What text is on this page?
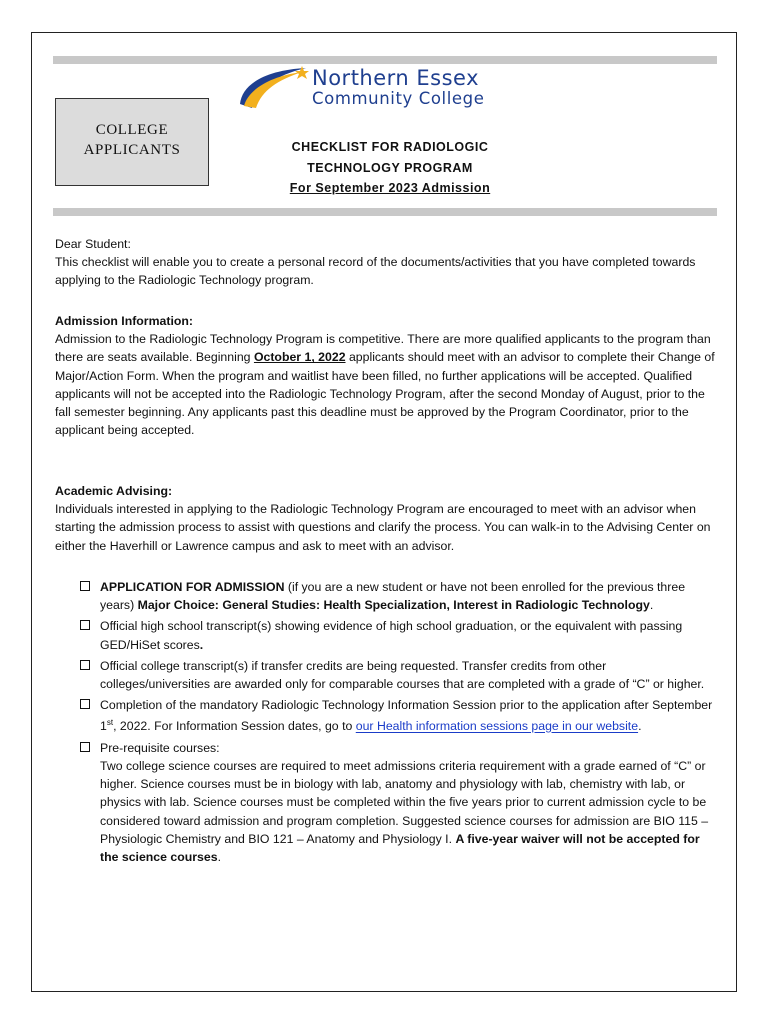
Northern Essex
Community College
COLLEGE
APPLICANTS	CHECKLIST FOR RADIOLOGIC
TECHNOLOGY PROGRAM
For September 2023 Admission

Dear Student:

This checklist will enable you to create a personal record of the documents/activities that you have completed towards applying to the Radiologic Technology program.

Admission Information:

Admission to the Radiologic Technology Program is competitive. There are more qualified applicants to the program than there are seats available. Beginning October 1, 2022 applicants should meet with an advisor to complete their Change of Major/Action Form. When the program and waitlist have been filled, no further applications will be accepted. Qualified applicants will not be accepted into the Radiologic Technology Program, after the second Monday of August, prior to the fall semester beginning. Any applicants past this deadline must be approved by the Program Coordinator, prior to the applicant being accepted.

Academic Advising:

Individuals interested in applying to the Radiologic Technology Program are encouraged to meet with an advisor when starting the admission process to assist with questions and clarify the process. You can walk-in to the Advising Center on either the Haverhill or Lawrence campus and ask to meet with an advisor.

APPLICATION FOR ADMISSION (if you are a new student or have not been enrolled for the previous three years) Major Choice: General Studies: Health Specialization, Interest in Radiologic Technology.
Official high school transcript(s) showing evidence of high school graduation, or the equivalent with passing GED/HiSet scores.
Official college transcript(s) if transfer credits are being requested. Transfer credits from other colleges/universities are awarded only for comparable courses that are completed with a grade of “C” or higher.
Completion of the mandatory Radiologic Technology Information Session prior to the application after September 1st, 2022. For Information Session dates, go to our Health information sessions page in our website.
Pre-requisite courses:
Two college science courses are required to meet admissions criteria requirement with a grade earned of “C” or higher. Science courses must be in biology with lab, anatomy and physiology with lab, chemistry with lab, or physics with lab. Science courses must be completed within the five years prior to current admission cycle to be considered toward admission and program completion. Suggested science courses for admission are BIO 115 – Physiologic Chemistry and BIO 121 – Anatomy and Physiology I. A five-year waiver will not be accepted for the science courses.
